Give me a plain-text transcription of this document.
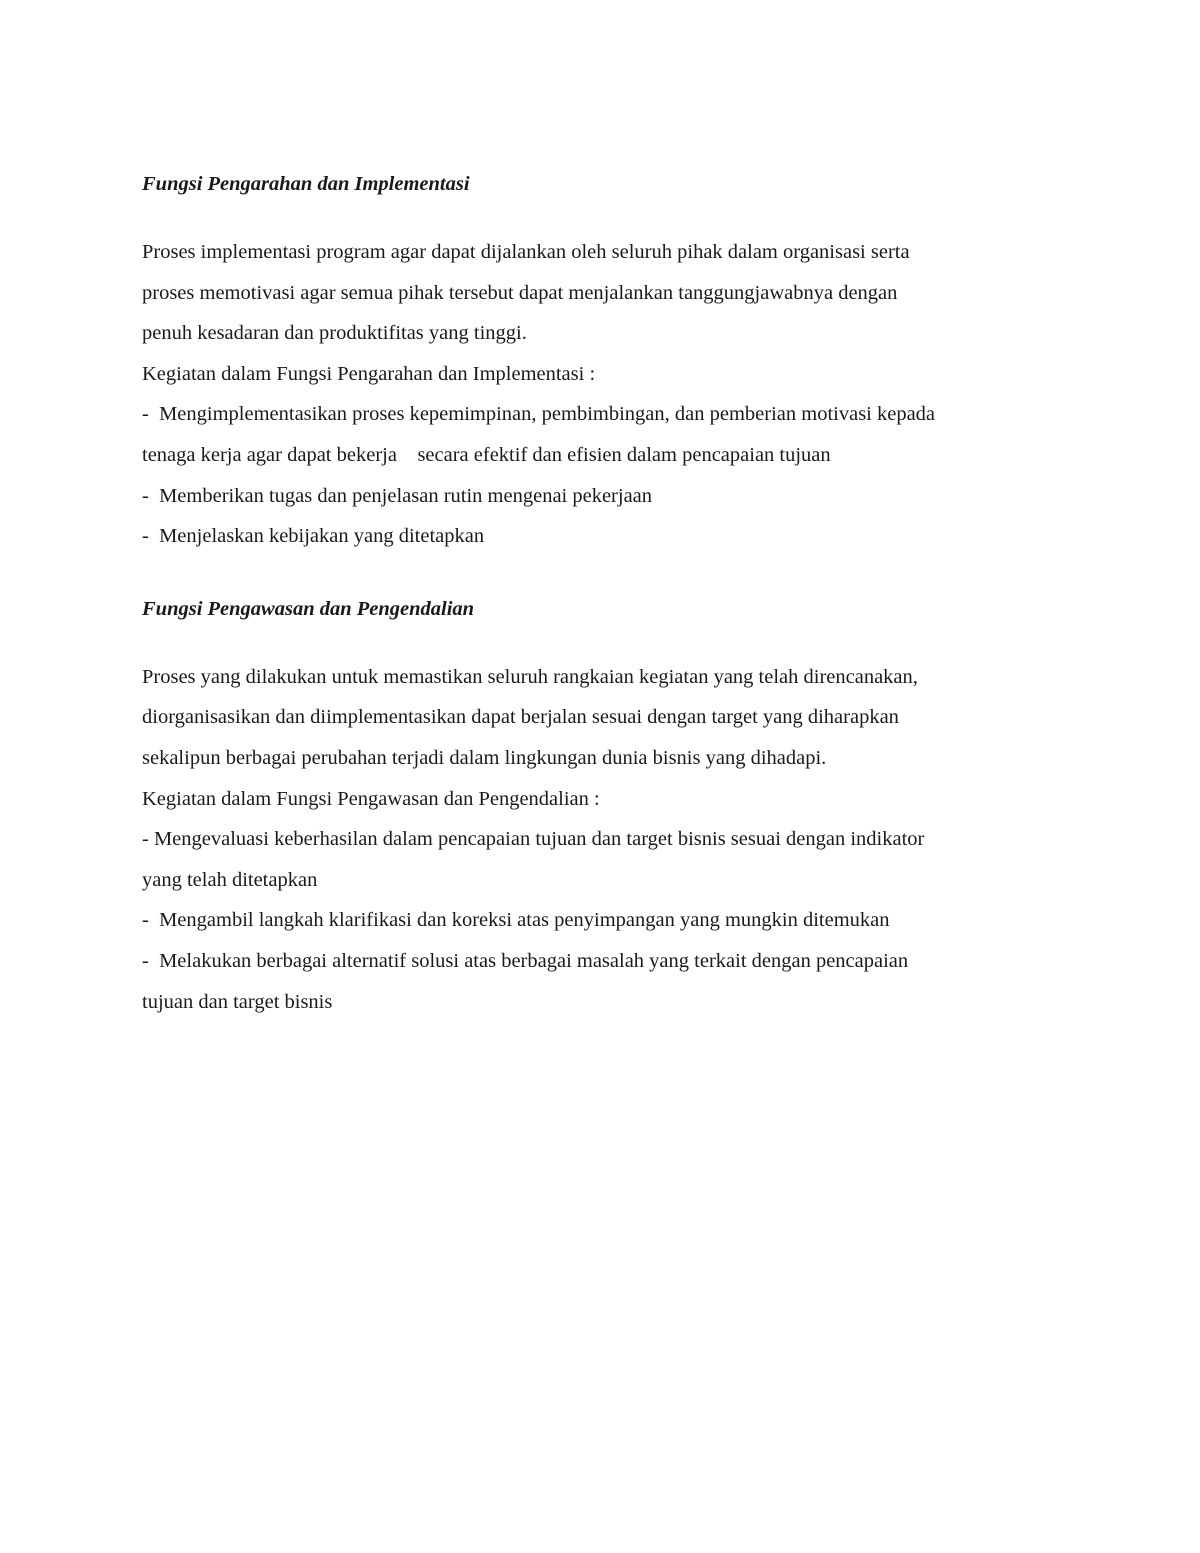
Fungsi Pengarahan dan Implementasi

Proses implementasi program agar dapat dijalankan oleh seluruh pihak dalam organisasi serta
proses memotivasi agar semua pihak tersebut dapat menjalankan tanggungjawabnya dengan
penuh kesadaran dan produktifitas yang tinggi.
Kegiatan dalam Fungsi Pengarahan dan Implementasi :

-  Mengimplementasikan proses kepemimpinan, pembimbingan, dan pemberian motivasi kepada
tenaga kerja agar dapat bekerja    secara efektif dan efisien dalam pencapaian tujuan
-  Memberikan tugas dan penjelasan rutin mengenai pekerjaan
-  Menjelaskan kebijakan yang ditetapkan
Fungsi Pengawasan dan Pengendalian

Proses yang dilakukan untuk memastikan seluruh rangkaian kegiatan yang telah direncanakan,
diorganisasikan dan diimplementasikan dapat berjalan sesuai dengan target yang diharapkan
sekalipun berbagai perubahan terjadi dalam lingkungan dunia bisnis yang dihadapi.
Kegiatan dalam Fungsi Pengawasan dan Pengendalian :

- Mengevaluasi keberhasilan dalam pencapaian tujuan dan target bisnis sesuai dengan indikator
yang telah ditetapkan
-  Mengambil langkah klarifikasi dan koreksi atas penyimpangan yang mungkin ditemukan
-  Melakukan berbagai alternatif solusi atas berbagai masalah yang terkait dengan pencapaian
tujuan dan target bisnis
